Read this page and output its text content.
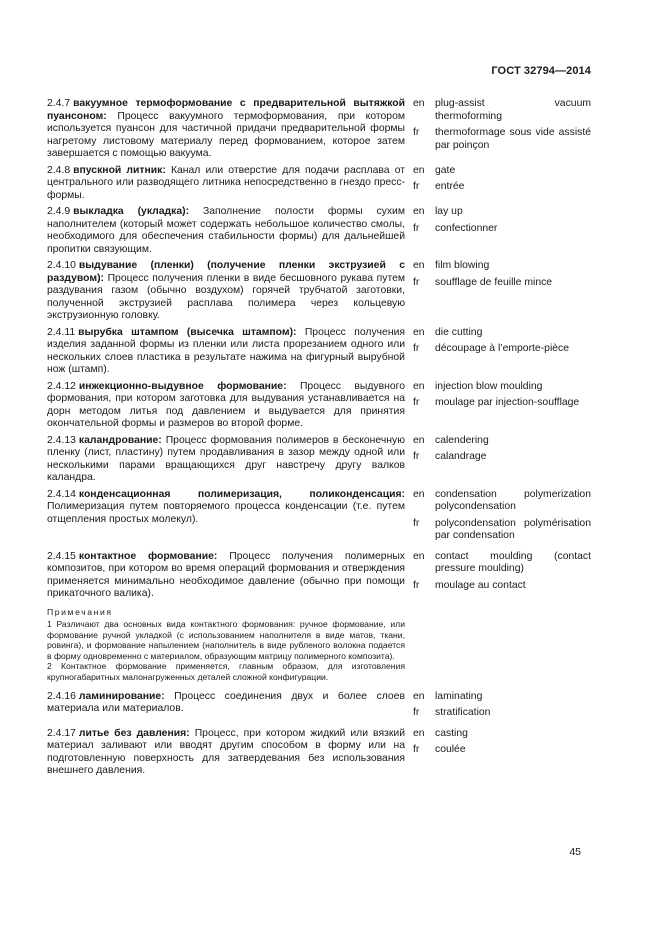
ГОСТ 32794—2014
2.4.7 вакуумное термоформование с предварительной вытяжкой пуансоном: Процесс вакуумного термоформования, при котором используется пуансон для частичной придачи предварительной формы нагретому листовому материалу перед формованием, которое затем завершается с помощью вакуума.
en	plug-assist vacuum thermoforming
fr	thermoformage sous vide assisté par poinçon
2.4.8 впускной литник: Канал или отверстие для подачи расплава от центрального или разводящего литника непосредственно в гнездо пресс-формы.
en	gate
fr	entrée
2.4.9 выкладка (укладка): Заполнение полости формы сухим наполнителем (который может содержать небольшое количество смолы, необходимого для обеспечения стабильности формы) для дальнейшей пропитки связующим.
en	lay up
fr	confectionner
2.4.10 выдувание (пленки) (получение пленки экструзией с раздувом): Процесс получения пленки в виде бесшовного рукава путем раздувания газом (обычно воздухом) горячей трубчатой заготовки, полученной экструзией расплава полимера через кольцевую экструзионную головку.
en	film blowing
fr	soufflage de feuille mince
2.4.11 вырубка штампом (высечка штампом): Процесс получения изделия заданной формы из пленки или листа прорезанием одного или нескольких слоев пластика в результате нажима на фигурный вырубной нож (штамп).
en	die cutting
fr	découpage à l’emporte-pièce
2.4.12 инжекционно-выдувное формование: Процесс выдувного формования, при котором заготовка для выдувания устанавливается на дорн методом литья под давлением и выдувается для принятия окончательной формы и размеров во второй форме.
en	injection blow moulding
fr	moulage par injection-soufflage
2.4.13 каландрование: Процесс формования полимеров в бесконечную пленку (лист, пластину) путем продавливания в зазор между одной или несколькими парами вращающихся друг навстречу другу валков каландра.
en	calendering
fr	calandrage
2.4.14 конденсационная полимеризация, поликонденсация: Полимеризация путем повторяемого процесса конденсации (т.е. путем отщепления простых молекул).
en	condensation polymerization polycondensation
fr	polycondensation polymérisation par condensation
2.4.15 контактное формование: Процесс получения полимерных композитов, при котором во время операций формования и отверждения применяется минимально необходимое давление (обычно при помощи прикаточного валика).
en	contact moulding (contact pressure moulding)
fr	moulage au contact
Примечания

1 Различают два основных вида контактного формования: ручное формование, или формование ручной укладкой (с использованием наполнителя в виде матов, ткани, ровинга), и формование напылением (наполнитель в виде рубленого волокна подается в форму одновременно с материалом, образующим матрицу полимерного композита).

2 Контактное формование применяется, главным образом, для изготовления крупногабаритных малонагруженных деталей сложной конфигурации.

2.4.16 ламинирование: Процесс соединения двух и более слоев материала или материалов.
en	laminating
fr	stratification
2.4.17 литье без давления: Процесс, при котором жидкий или вязкий материал заливают или вводят другим способом в форму или на подготовленную поверхность для затвердевания без использования внешнего давления.
en	casting
fr	coulée
45
